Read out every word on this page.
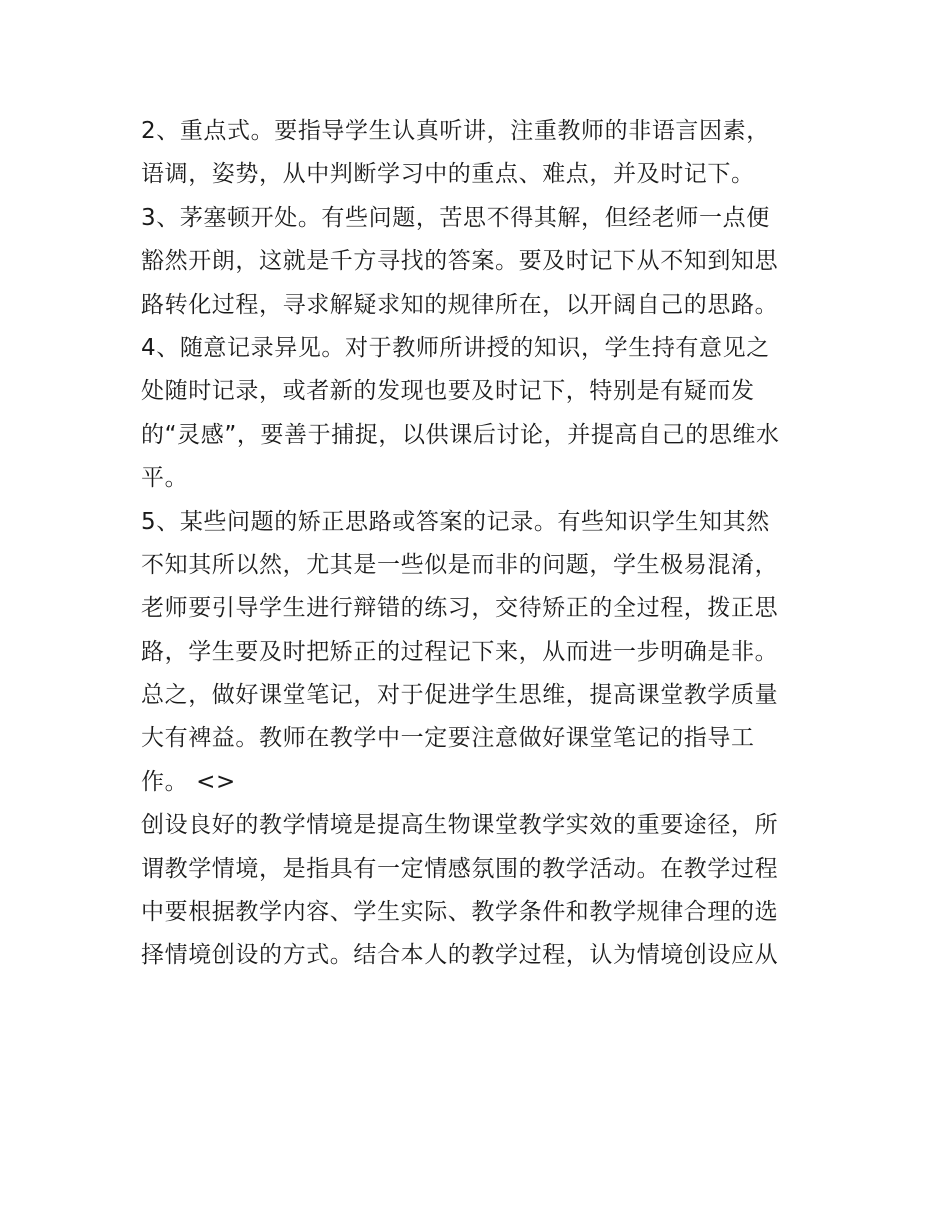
2、重点式。要指导学生认真听讲，注重教师的非语言因素，
语调，姿势，从中判断学习中的重点、难点，并及时记下。
3、茅塞顿开处。有些问题，苦思不得其解，但经老师一点便
豁然开朗，这就是千方寻找的答案。要及时记下从不知到知思
路转化过程，寻求解疑求知的规律所在，以开阔自己的思路。
4、随意记录异见。对于教师所讲授的知识，学生持有意见之
处随时记录，或者新的发现也要及时记下，特别是有疑而发
的“灵感”，要善于捕捉，以供课后讨论，并提高自己的思维水
平。
5、某些问题的矫正思路或答案的记录。有些知识学生知其然
不知其所以然，尤其是一些似是而非的问题，学生极易混淆，
老师要引导学生进行辩错的练习，交待矫正的全过程，拨正思
路，学生要及时把矫正的过程记下来，从而进一步明确是非。
总之，做好课堂笔记，对于促进学生思维，提高课堂教学质量
大有裨益。教师在教学中一定要注意做好课堂笔记的指导工
作。 <>
创设良好的教学情境是提高生物课堂教学实效的重要途径，所
谓教学情境，是指具有一定情感氛围的教学活动。在教学过程
中要根据教学内容、学生实际、教学条件和教学规律合理的选
择情境创设的方式。结合本人的教学过程，认为情境创设应从
